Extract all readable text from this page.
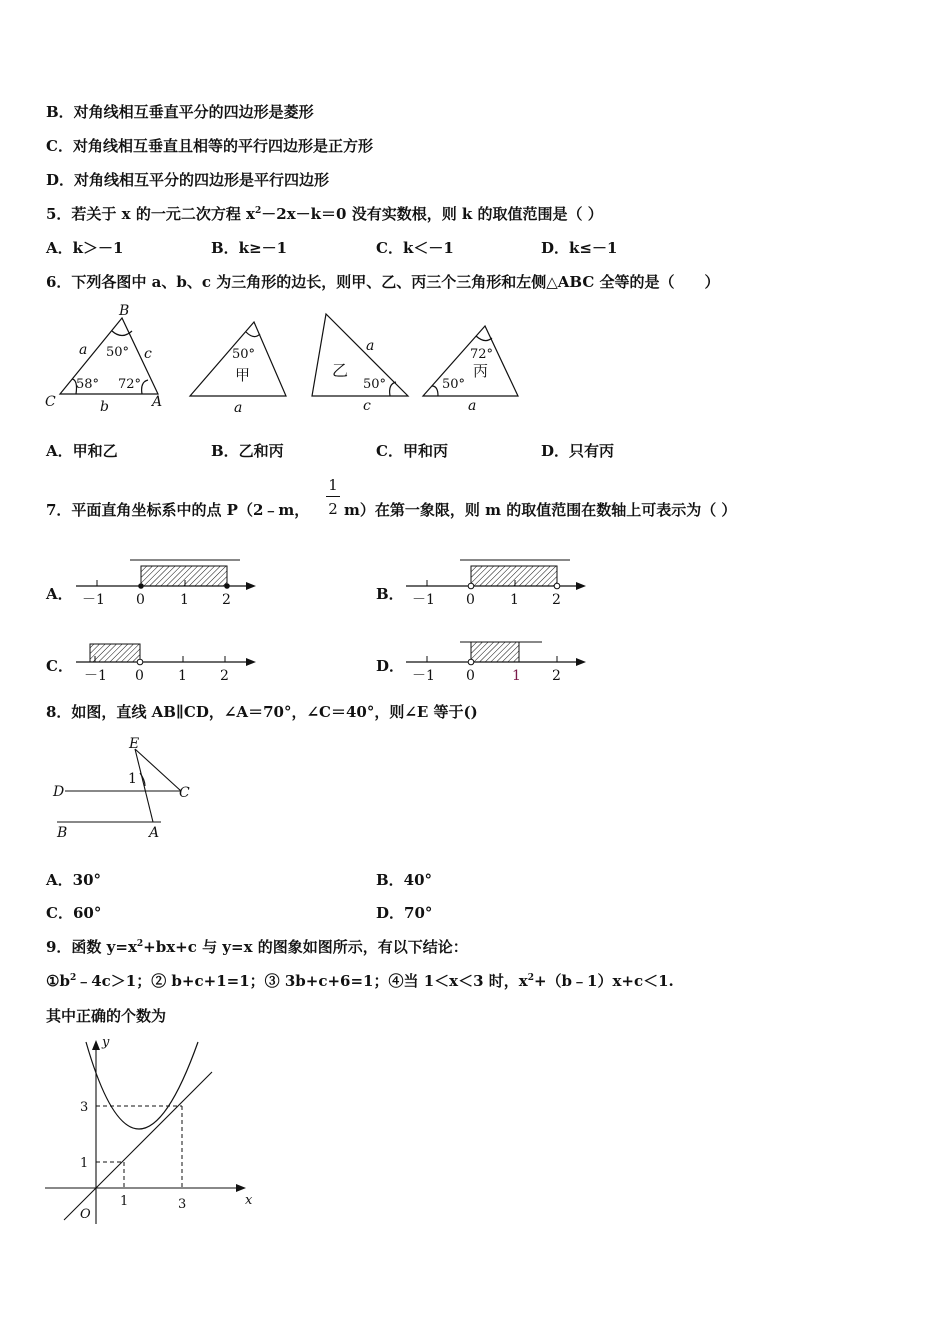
B．对角线相互垂直平分的四边形是菱形
C．对角线相互垂直且相等的平行四边形是正方形
D．对角线相互平分的四边形是平行四边形
5．若关于 x 的一元二次方程 $x^2-2x-k=0$ 没有实数根，则 k 的取值范围是（ ）
A．k＞－1	B．k≥－1	C．k＜－1	D．k≤－1
6．下列各图中 a、b、c 为三角形的边长，则甲、乙、丙三个三角形和左侧△ABC 全等的是（　　）
B
C	A
a	c
b
50°
58° 72°
50°
甲
a
乙
a
c
50°
72°
丙
50°
a
A．甲和乙	B．乙和丙	C．甲和丙	D．只有丙
7．平面直角坐标系中的点 P（2﹣m，
1
2 m）在第一象限，则 m 的取值范围在数轴上可表示为（ ）
A． －1 0	1 2	B． －1 0	1 2
C．
－1 0 1 2
D．
－1 0	1 2
8．如图，直线 AB∥CD，∠A＝70°，∠C＝40°，则∠E 等于()
E
D	C
B	A
1
A．30°	B．40°
C．60°	D．70°
9．函数 $y=x^2+bx+c$ 与 y=x 的图象如图所示，有以下结论：
$①b^2﹣4c>1$；② b+c+1=1；③ 3b+c+6=1；④当 1＜x＜3 时，$x^2+(b﹣1)x+c<1$.
其中正确的个数为
y
x
O
3
1
1	3
